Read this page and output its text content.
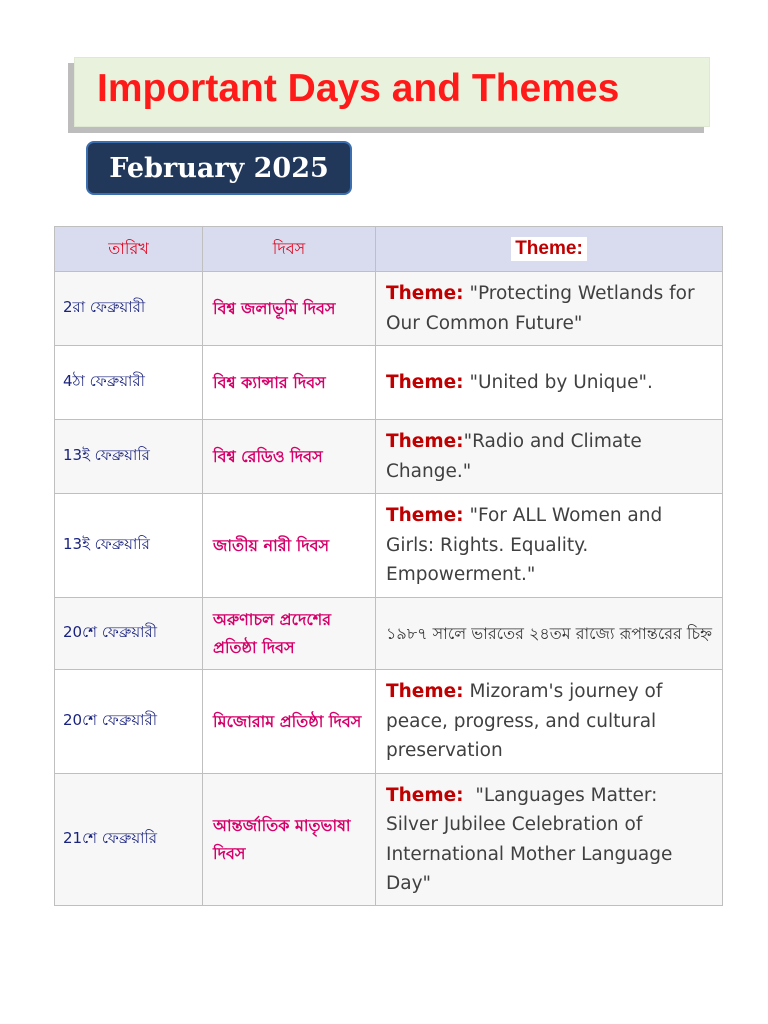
Important Days and Themes
February 2025
তারিখ	দিবস	Theme:
2রা ফেব্রুয়ারী	বিশ্ব জলাভূমি দিবস	Theme: "Protecting Wetlands for Our Common Future"
4ঠা ফেব্রুয়ারী	বিশ্ব ক্যান্সার দিবস	Theme: "United by Unique".
13ই ফেব্রুয়ারি	বিশ্ব রেডিও দিবস	Theme:"Radio and Climate Change."
13ই ফেব্রুয়ারি	জাতীয় নারী দিবস	Theme: "For ALL Women and Girls: Rights. Equality. Empowerment."
20শে ফেব্রুয়ারী	অরুণাচল প্রদেশের প্রতিষ্ঠা দিবস	১৯৮৭ সালে ভারতের ২৪তম রাজ্যে রূপান্তরের চিহ্ন
20শে ফেব্রুয়ারী	মিজোরাম প্রতিষ্ঠা দিবস	Theme: Mizoram's journey of peace, progress, and cultural preservation
21শে ফেব্রুয়ারি	আন্তর্জাতিক মাতৃভাষা দিবস	Theme: "Languages Matter: Silver Jubilee Celebration of International Mother Language Day"
